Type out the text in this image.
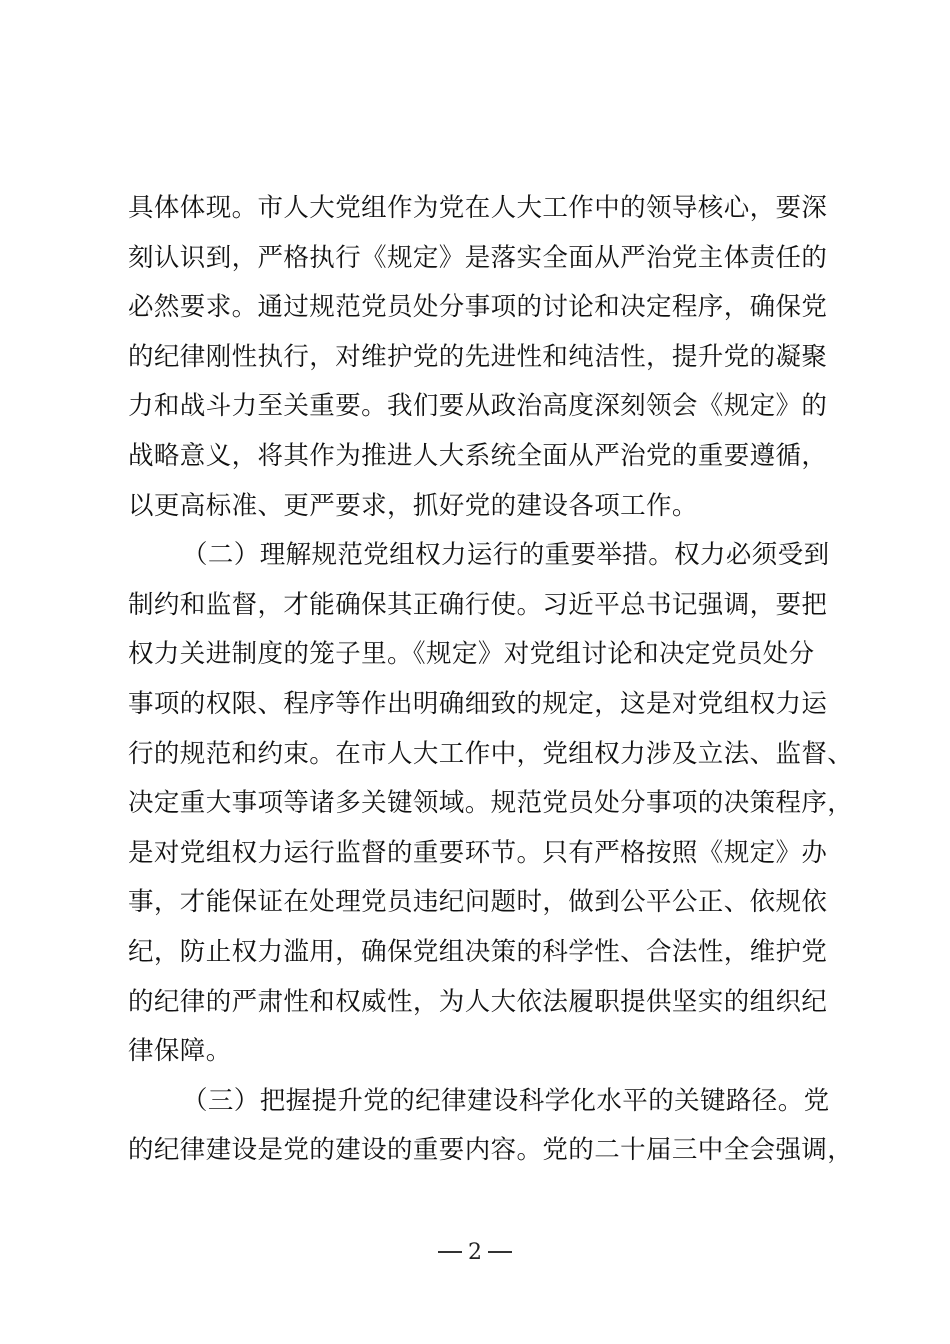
具体体现。市人大党组作为党在人大工作中的领导核心，要深
刻认识到，严格执行《规定》是落实全面从严治党主体责任的
必然要求。通过规范党员处分事项的讨论和决定程序，确保党
的纪律刚性执行，对维护党的先进性和纯洁性，提升党的凝聚
力和战斗力至关重要。我们要从政治高度深刻领会《规定》的
战略意义，将其作为推进人大系统全面从严治党的重要遵循，
以更高标准、更严要求，抓好党的建设各项工作。
（二）理解规范党组权力运行的重要举措。权力必须受到
制约和监督，才能确保其正确行使。习近平总书记强调，要把
权力关进制度的笼子里。《规定》对党组讨论和决定党员处分
事项的权限、程序等作出明确细致的规定，这是对党组权力运
行的规范和约束。在市人大工作中，党组权力涉及立法、监督、
决定重大事项等诸多关键领域。规范党员处分事项的决策程序，
是对党组权力运行监督的重要环节。只有严格按照《规定》办
事，才能保证在处理党员违纪问题时，做到公平公正、依规依
纪，防止权力滥用，确保党组决策的科学性、合法性，维护党
的纪律的严肃性和权威性，为人大依法履职提供坚实的组织纪
律保障。
（三）把握提升党的纪律建设科学化水平的关键路径。党
的纪律建设是党的建设的重要内容。党的二十届三中全会强调，
2
